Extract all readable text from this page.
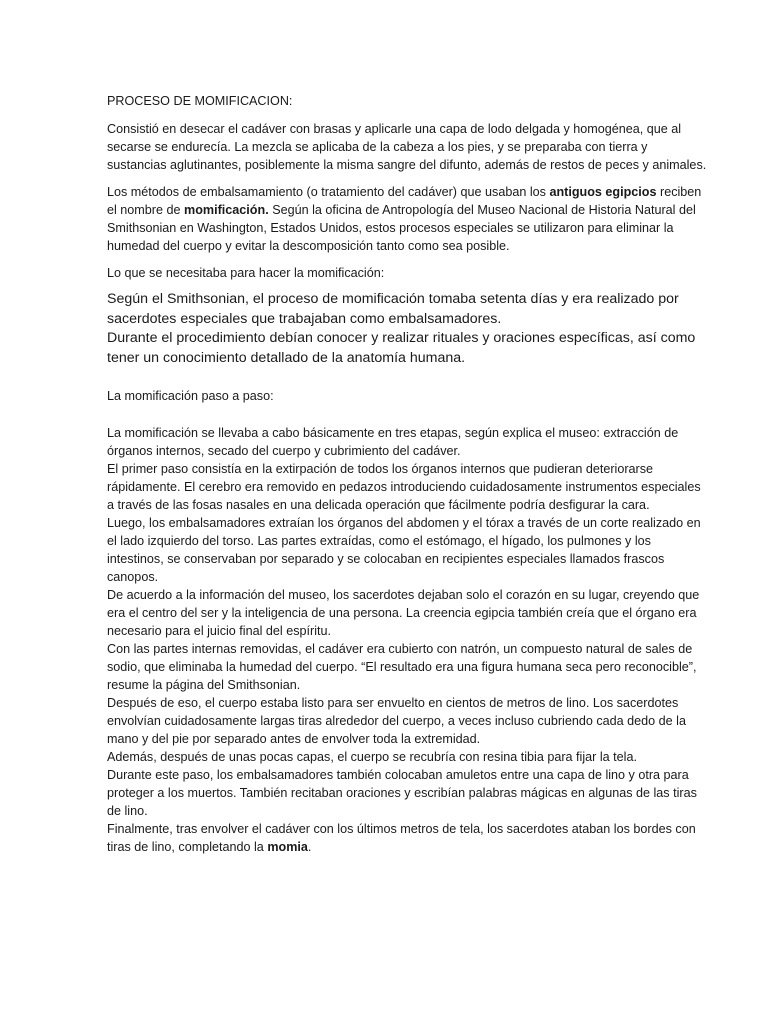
PROCESO DE MOMIFICACION:

Consistió en desecar el cadáver con brasas y aplicarle una capa de lodo delgada y homogénea, que al secarse se endurecía. La mezcla se aplicaba de la cabeza a los pies, y se preparaba con tierra y sustancias aglutinantes, posiblemente la misma sangre del difunto, además de restos de peces y animales.

Los métodos de embalsamamiento (o tratamiento del cadáver) que usaban los antiguos egipcios reciben el nombre de momificación. Según la oficina de Antropología del Museo Nacional de Historia Natural del Smithsonian en Washington, Estados Unidos, estos procesos especiales se utilizaron para eliminar la humedad del cuerpo y evitar la descomposición tanto como sea posible.

Lo que se necesitaba para hacer la momificación:

Según el Smithsonian, el proceso de momificación tomaba setenta días y era realizado por sacerdotes especiales que trabajaban como embalsamadores.

Durante el procedimiento debían conocer y realizar rituales y oraciones específicas, así como tener un conocimiento detallado de la anatomía humana.

La momificación paso a paso:

La momificación se llevaba a cabo básicamente en tres etapas, según explica el museo: extracción de órganos internos, secado del cuerpo y cubrimiento del cadáver.

El primer paso consistía en la extirpación de todos los órganos internos que pudieran deteriorarse rápidamente. El cerebro era removido en pedazos introduciendo cuidadosamente instrumentos especiales a través de las fosas nasales en una delicada operación que fácilmente podría desfigurar la cara.

Luego, los embalsamadores extraían los órganos del abdomen y el tórax a través de un corte realizado en el lado izquierdo del torso. Las partes extraídas, como el estómago, el hígado, los pulmones y los intestinos, se conservaban por separado y se colocaban en recipientes especiales llamados frascos canopos.

De acuerdo a la información del museo, los sacerdotes dejaban solo el corazón en su lugar, creyendo que era el centro del ser y la inteligencia de una persona. La creencia egipcia también creía que el órgano era necesario para el juicio final del espíritu.

Con las partes internas removidas, el cadáver era cubierto con natrón, un compuesto natural de sales de sodio, que eliminaba la humedad del cuerpo. “El resultado era una figura humana seca pero reconocible”, resume la página del Smithsonian.

Después de eso, el cuerpo estaba listo para ser envuelto en cientos de metros de lino. Los sacerdotes envolvían cuidadosamente largas tiras alrededor del cuerpo, a veces incluso cubriendo cada dedo de la mano y del pie por separado antes de envolver toda la extremidad.

Además, después de unas pocas capas, el cuerpo se recubría con resina tibia para fijar la tela.

Durante este paso, los embalsamadores también colocaban amuletos entre una capa de lino y otra para proteger a los muertos. También recitaban oraciones y escribían palabras mágicas en algunas de las tiras de lino.

Finalmente, tras envolver el cadáver con los últimos metros de tela, los sacerdotes ataban los bordes con tiras de lino, completando la momia.
